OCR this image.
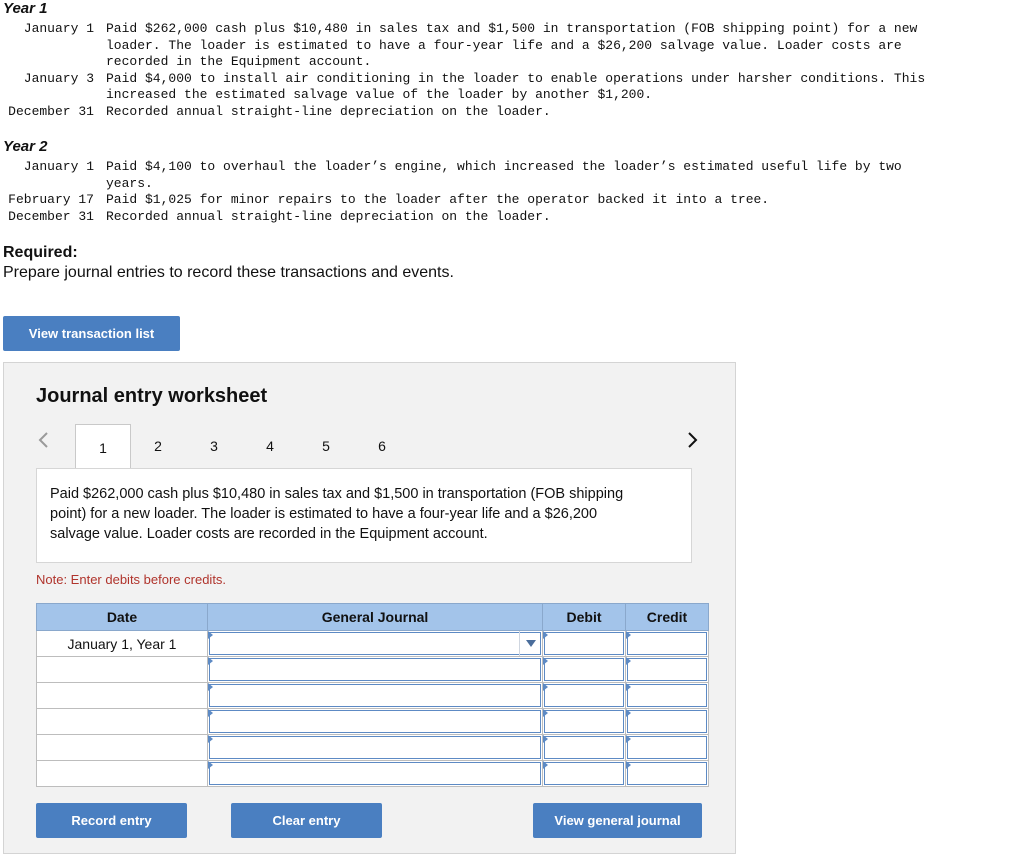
Year 1
January 1 Paid $262,000 cash plus $10,480 in sales tax and $1,500 in transportation (FOB shipping point) for a new
loader. The loader is estimated to have a four-year life and a $26,200 salvage value. Loader costs are
recorded in the Equipment account.
January 3 Paid $4,000 to install air conditioning in the loader to enable operations under harsher conditions. This
increased the estimated salvage value of the loader by another $1,200.
December 31 Recorded annual straight-line depreciation on the loader.
Year 2
January 1 Paid $4,100 to overhaul the loader’s engine, which increased the loader’s estimated useful life by two
years.
February 17 Paid $1,025 for minor repairs to the loader after the operator backed it into a tree.
December 31 Recorded annual straight-line depreciation on the loader.
Required:
Prepare journal entries to record these transactions and events.
View transaction list
Journal entry worksheet
1	2	3	4	5	6
Paid $262,000 cash plus $10,480 in sales tax and $1,500 in transportation (FOB shipping point) for a new loader. The loader is estimated to have a four-year life and a $26,200 salvage value. Loader costs are recorded in the Equipment account.
Note: Enter debits before credits.
Date	General Journal	Debit	Credit
January 1, Year 1	

Record entry	Clear entry	View general journal
